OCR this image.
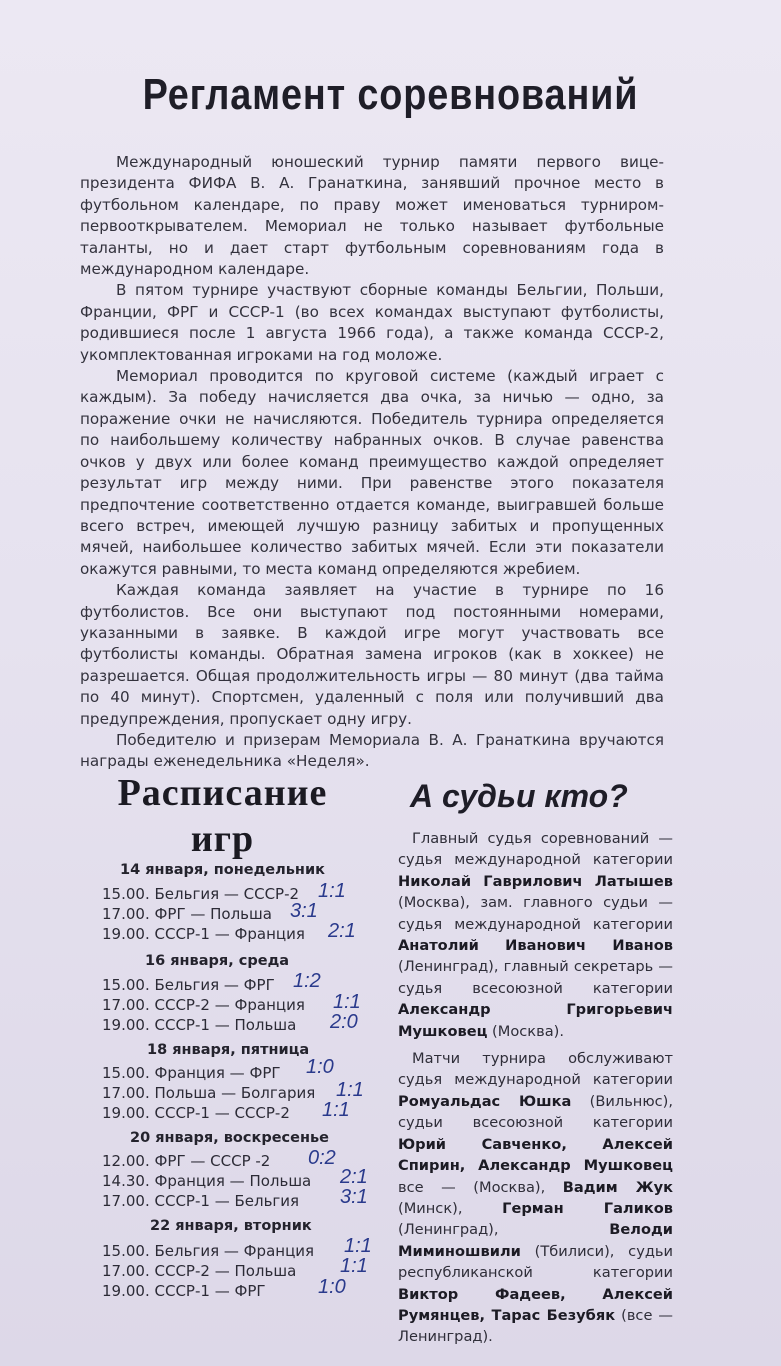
Регламент соревнований

Международный юношеский турнир памяти первого вице-президента ФИФА В. А. Гранаткина, занявший прочное место в футбольном календаре, по праву может именоваться турниром-первооткрывателем. Мемориал не только называет футбольные таланты, но и дает старт футбольным соревнованиям года в международном календаре.

В пятом турнире участвуют сборные команды Бельгии, Польши, Франции, ФРГ и СССР-1 (во всех командах выступают футболисты, родившиеся после 1 августа 1966 года), а также команда СССР-2, укомплектованная игроками на год моложе.

Мемориал проводится по круговой системе (каждый играет с каждым). За победу начисляется два очка, за ничью — одно, за поражение очки не начисляются. Победитель турнира определяется по наибольшему количеству набранных очков. В случае равенства очков у двух или более команд преимущество каждой определяет результат игр между ними. При равенстве этого показателя предпочтение соответственно отдается команде, выигравшей больше всего встреч, имеющей лучшую разницу забитых и пропущенных мячей, наибольшее количество забитых мячей. Если эти показатели окажутся равными, то места команд определяются жребием.

Каждая команда заявляет на участие в турнире по 16 футболистов. Все они выступают под постоянными номерами, указанными в заявке. В каждой игре могут участвовать все футболисты команды. Обратная замена игроков (как в хоккее) не разрешается. Общая продолжительность игры — 80 минут (два тайма по 40 минут). Спортсмен, удаленный с поля или получивший два предупреждения, пропускает одну игру.

Победителю и призерам Мемориала В. А. Гранаткина вручаются награды еженедельника «Неделя».

Расписание
игр
14 января, понедельник
15.00. Бельгия — СССР-2 1:1
17.00. ФРГ — Польша 3:1
19.00. СССР-1 — Франция 2:1
16 января, среда
15.00. Бельгия — ФРГ 1:2
17.00. СССР-2 — Франция 1:1
19.00. СССР-1 — Польша 2:0
18 января, пятница
15.00. Франция — ФРГ 1:0
17.00. Польша — Болгария 1:1
19.00. СССР-1 — СССР-2 1:1
20 января, воскресенье
12.00. ФРГ — СССР -2 0:2
14.30. Франция — Польша 2:1
17.00. СССР-1 — Бельгия 3:1
22 января, вторник
15.00. Бельгия — Франция 1:1
17.00. СССР-2 — Польша 1:1
19.00. СССР-1 — ФРГ	1:0
А судьи кто?

Главный судья соревнований — судья международной категории Николай Гаврилович Латышев (Москва), зам. главного судьи — судья международной категории Анатолий Иванович Иванов (Ленинград), главный секретарь — судья всесоюзной категории Александр Григорьевич Мушковец (Москва).

Матчи турнира обслуживают судья международной категории Ромуальдас Юшка (Вильнюс), судьи всесоюзной категории Юрий Савченко, Алексей Спирин, Александр Мушковец все — (Москва), Вадим Жук (Минск), Герман Галиков (Ленинград), Велоди Миминошвили (Тбилиси), судьи республиканской категории Виктор Фадеев, Алексей Румянцев, Тарас Безубяк (все — Ленинград).
